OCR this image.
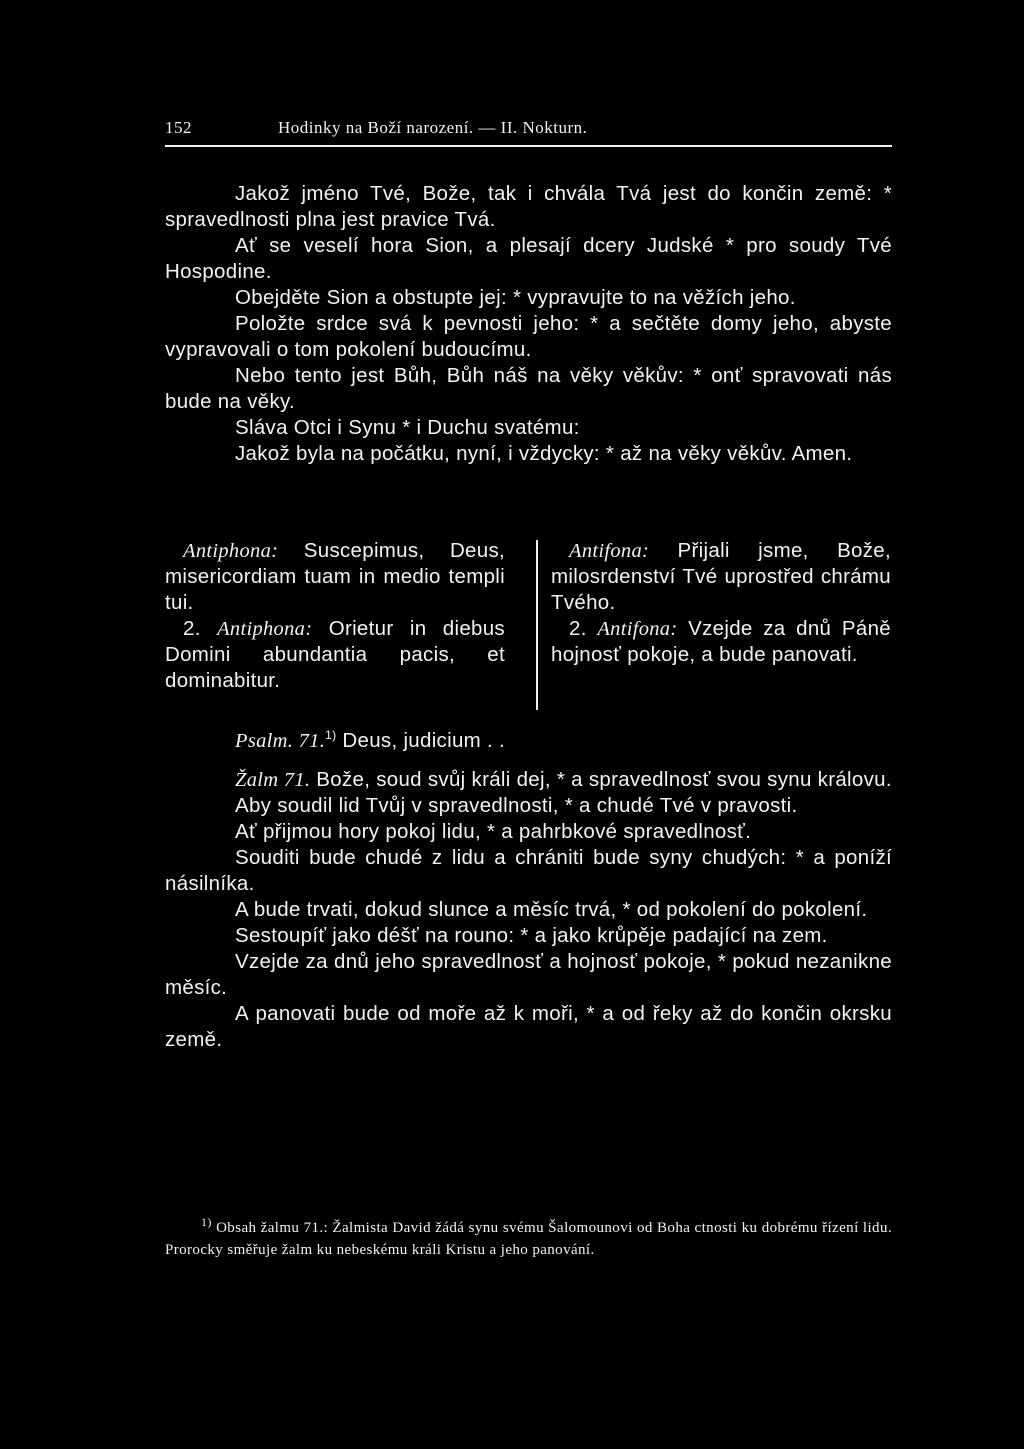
152	Hodinky na Boží narození. — II. Nokturn.

Jakož jméno Tvé, Bože, tak i chvála Tvá jest do končin země: * spravedlnosti plna jest pravice Tvá.

Ať se veselí hora Sion, a plesají dcery Judské * pro soudy Tvé Hospodine.

Obejděte Sion a obstupte jej: * vypravujte to na věžích jeho.

Položte srdce svá k pevnosti jeho: * a sečtěte domy jeho, abyste vypravovali o tom pokolení budoucímu.

Nebo tento jest Bůh, Bůh náš na věky věkův: * onť spravovati nás bude na věky.

Sláva Otci i Synu * i Duchu svatému:

Jakož byla na počátku, nyní, i vždycky: * až na věky věkův. Amen.

Antiphona: Suscepimus, Deus, misericordiam tuam in medio templi tui.

2. Antiphona: Orietur in diebus Domini abundantia pacis, et dominabitur.

Antifona: Přijali jsme, Bože, milosrdenství Tvé uprostřed chrámu Tvého.

2. Antifona: Vzejde za dnů Páně hojnosť pokoje, a bude panovati.

Psalm. 71.$^{1)}$ Deus, judicium . .

Žalm 71. Bože, soud svůj králi dej, * a spravedlnosť svou synu královu.

Aby soudil lid Tvůj v spravedlnosti, * a chudé Tvé v pravosti.

Ať přijmou hory pokoj lidu, * a pahrbkové spravedlnosť.

Souditi bude chudé z lidu a chrániti bude syny chudých: * a poníží násilníka.

A bude trvati, dokud slunce a měsíc trvá, * od pokolení do pokolení.

Sestoupíť jako déšť na rouno: * a jako krůpěje padající na zem.

Vzejde za dnů jeho spravedlnosť a hojnosť pokoje, * pokud nezanikne měsíc.

A panovati bude od moře až k moři, * a od řeky až do končin okrsku země.

$^{1)}$ Obsah žalmu 71.: Žalmista David žádá synu svému Šalomounovi od Boha ctnosti ku dobrému řízení lidu. Prorocky směřuje žalm ku nebeskému králi Kristu a jeho panování.
